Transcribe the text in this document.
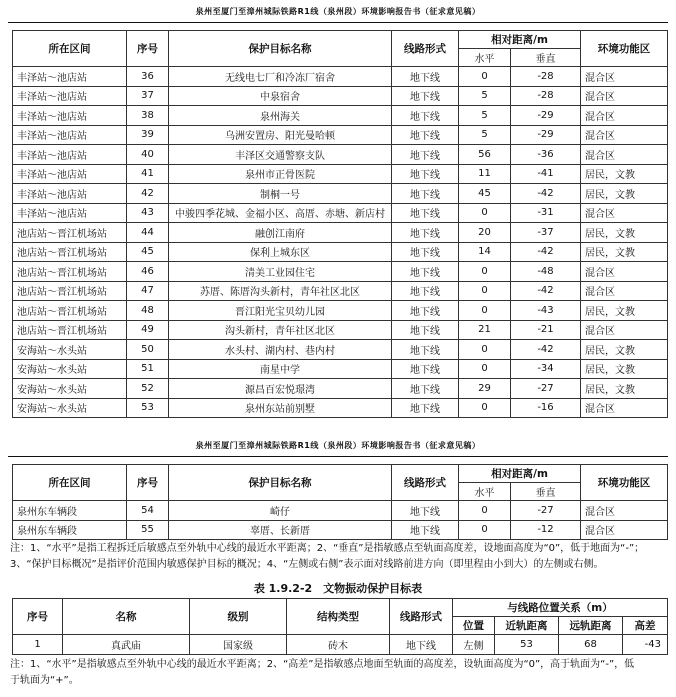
泉州至厦门至漳州城际铁路R1线（泉州段）环境影响报告书（征求意见稿）
所在区间	序号	保护目标名称	线路形式	相对距离/m		环境功能区
				水平	垂直	
丰泽站～池店站	36	无线电七厂和冷冻厂宿舍	地下线	0	-28	混合区
丰泽站～池店站	37	中泉宿舍	地下线	5	-28	混合区
丰泽站～池店站	38	泉州海关	地下线	5	-29	混合区
丰泽站～池店站	39	乌洲安置房、阳光曼哈顿	地下线	5	-29	混合区
丰泽站～池店站	40	丰泽区交通警察支队	地下线	56	-36	混合区
丰泽站～池店站	41	泉州市正骨医院	地下线	11	-41	居民，文教
丰泽站～池店站	42	制桐一号	地下线	45	-42	居民，文教
丰泽站～池店站	43	中骏四季花城、金福小区、高厝、赤塘、新店村	地下线	0	-31	混合区
池店站～晋江机场站	44	融创江南府	地下线	20	-37	居民，文教
池店站～晋江机场站	45	保利上城东区	地下线	14	-42	居民，文教
池店站～晋江机场站	46	清美工业园住宅	地下线	0	-48	混合区
池店站～晋江机场站	47	苏厝、陈厝沟头新村，青年社区北区	地下线	0	-42	混合区
池店站～晋江机场站	48	晋江阳光宝贝幼儿园	地下线	0	-43	居民，文教
池店站～晋江机场站	49	沟头新村，青年社区北区	地下线	21	-21	混合区
安海站～水头站	50	水头村、湖内村、巷内村	地下线	0	-42	居民，文教
安海站～水头站	51	南星中学	地下线	0	-34	居民，文教
安海站～水头站	52	源昌百宏悦璟湾	地下线	29	-27	居民，文教
安海站～水头站	53	泉州东站前别墅	地下线	0	-16	混合区
泉州至厦门至漳州城际铁路R1线（泉州段）环境影响报告书（征求意见稿）
所在区间	序号	保护目标名称	线路形式	相对距离/m		环境功能区
				水平	垂直	
泉州东车辆段	54	崎仔	地下线	0	-27	混合区
泉州东车辆段	55	辜厝、长新厝	地下线	0	-12	混合区
注：1、“水平”是指工程拆迁后敏感点至外轨中心线的最近水平距离；2、“垂直”是指敏感点至轨面高度差，设地面高度为“0”，低于地面为“-”；
3、“保护目标概况”是指评价范围内敏感保护目标的概况；4、“左侧或右侧”表示面对线路前进方向（即里程由小到大）的左侧或右侧。
表 1.9.2-2　文物振动保护目标表
序号	名称	级别	结构类型	线路形式	与线路位置关系（m）			
					位置	近轨距离	远轨距离	高差
1	真武庙	国家级	砖木	地下线	左侧	53	68	-43
注：1、“水平”是指敏感点至外轨中心线的最近水平距离；2、“高差”是指敏感点地面至轨面的高度差，设轨面高度为“0”，高于轨面为“-”，低
于轨面为“+”。
